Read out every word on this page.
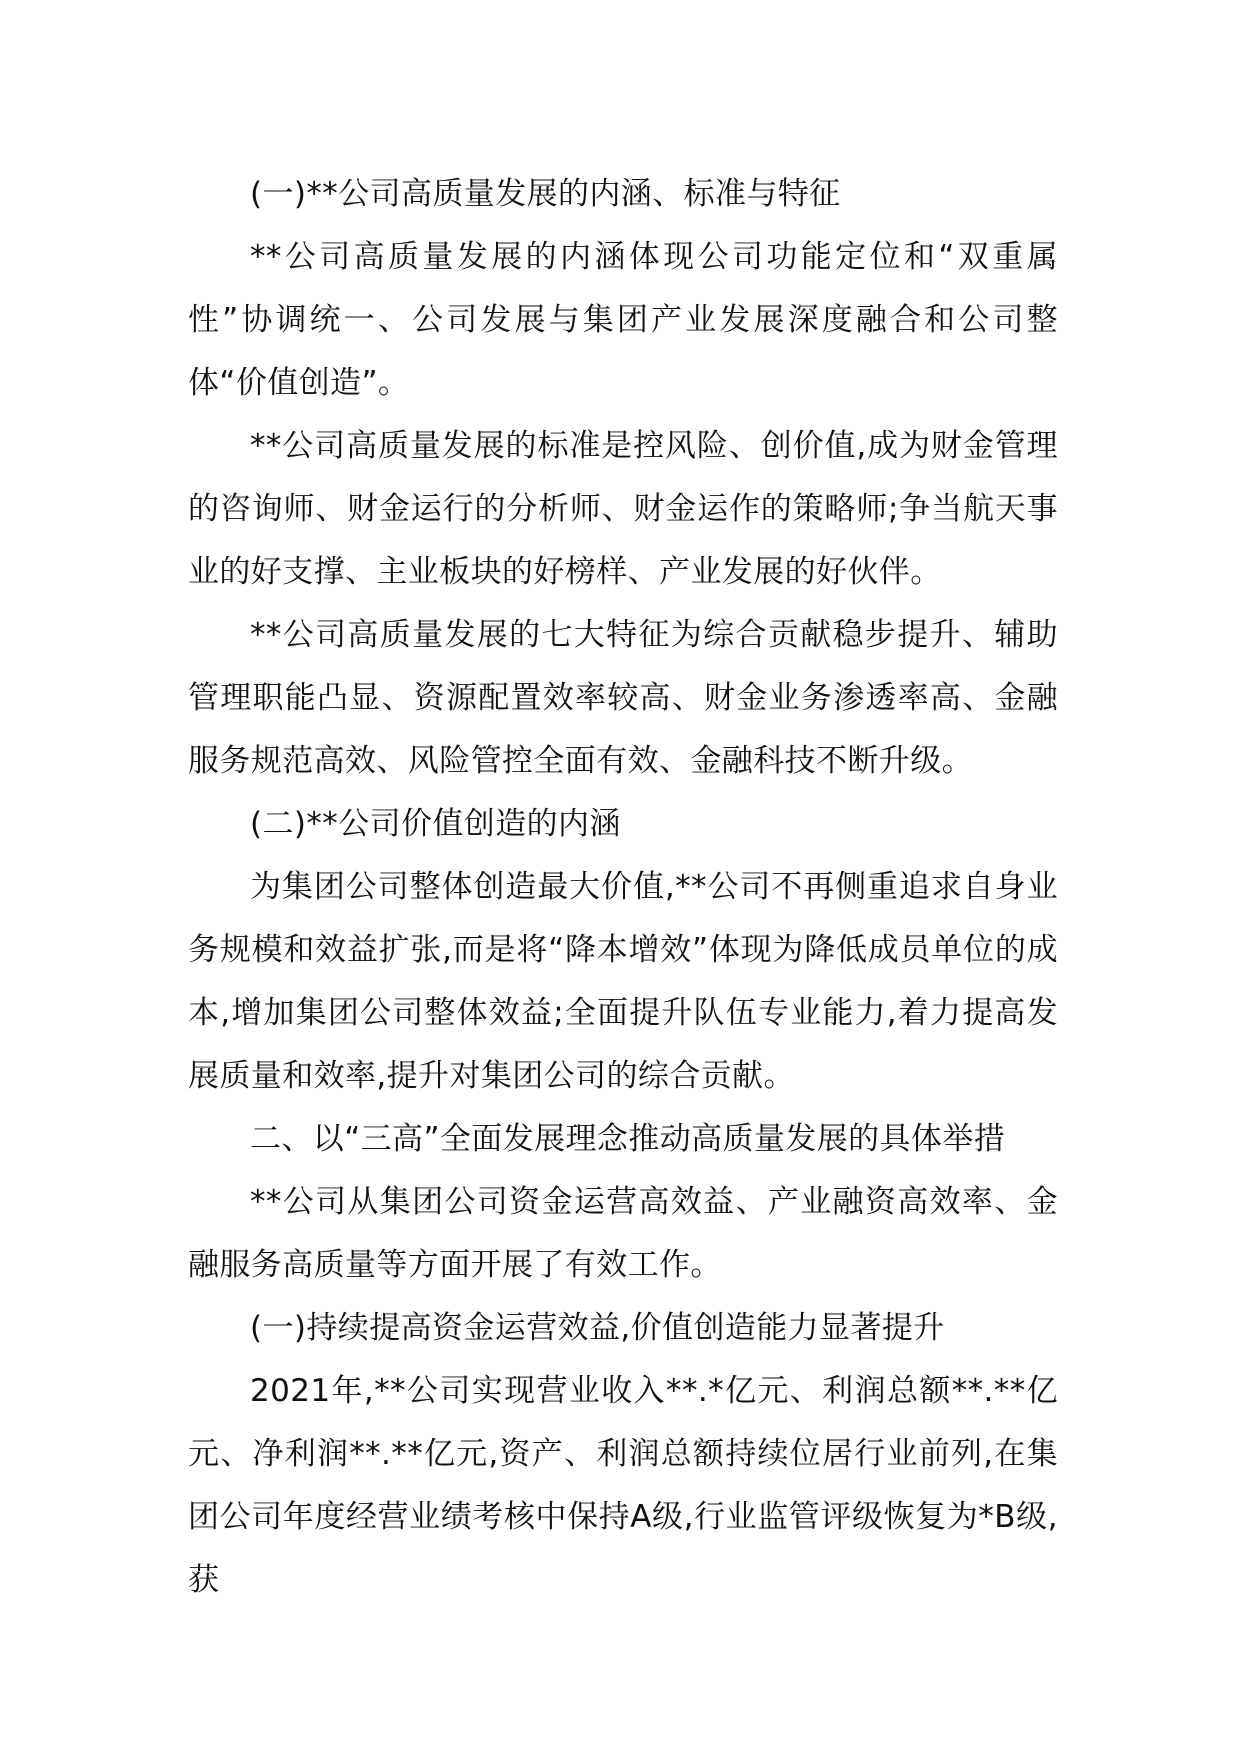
(一)**公司高质量发展的内涵、标准与特征

**公司高质量发展的内涵体现公司功能定位和“双重属性”协调统一、公司发展与集团产业发展深度融合和公司整体“价值创造”。

**公司高质量发展的标准是控风险、创价值,成为财金管理的咨询师、财金运行的分析师、财金运作的策略师;争当航天事业的好支撑、主业板块的好榜样、产业发展的好伙伴。

**公司高质量发展的七大特征为综合贡献稳步提升、辅助管理职能凸显、资源配置效率较高、财金业务渗透率高、金融服务规范高效、风险管控全面有效、金融科技不断升级。

(二)**公司价值创造的内涵

为集团公司整体创造最大价值,**公司不再侧重追求自身业务规模和效益扩张,而是将“降本增效”体现为降低成员单位的成本,增加集团公司整体效益;全面提升队伍专业能力,着力提高发展质量和效率,提升对集团公司的综合贡献。

二、以“三高”全面发展理念推动高质量发展的具体举措

**公司从集团公司资金运营高效益、产业融资高效率、金融服务高质量等方面开展了有效工作。

(一)持续提高资金运营效益,价值创造能力显著提升

2021年,**公司实现营业收入**.*亿元、利润总额**.**亿元、净利润**.**亿元,资产、利润总额持续位居行业前列,在集团公司年度经营业绩考核中保持A级,行业监管评级恢复为*B级,获
